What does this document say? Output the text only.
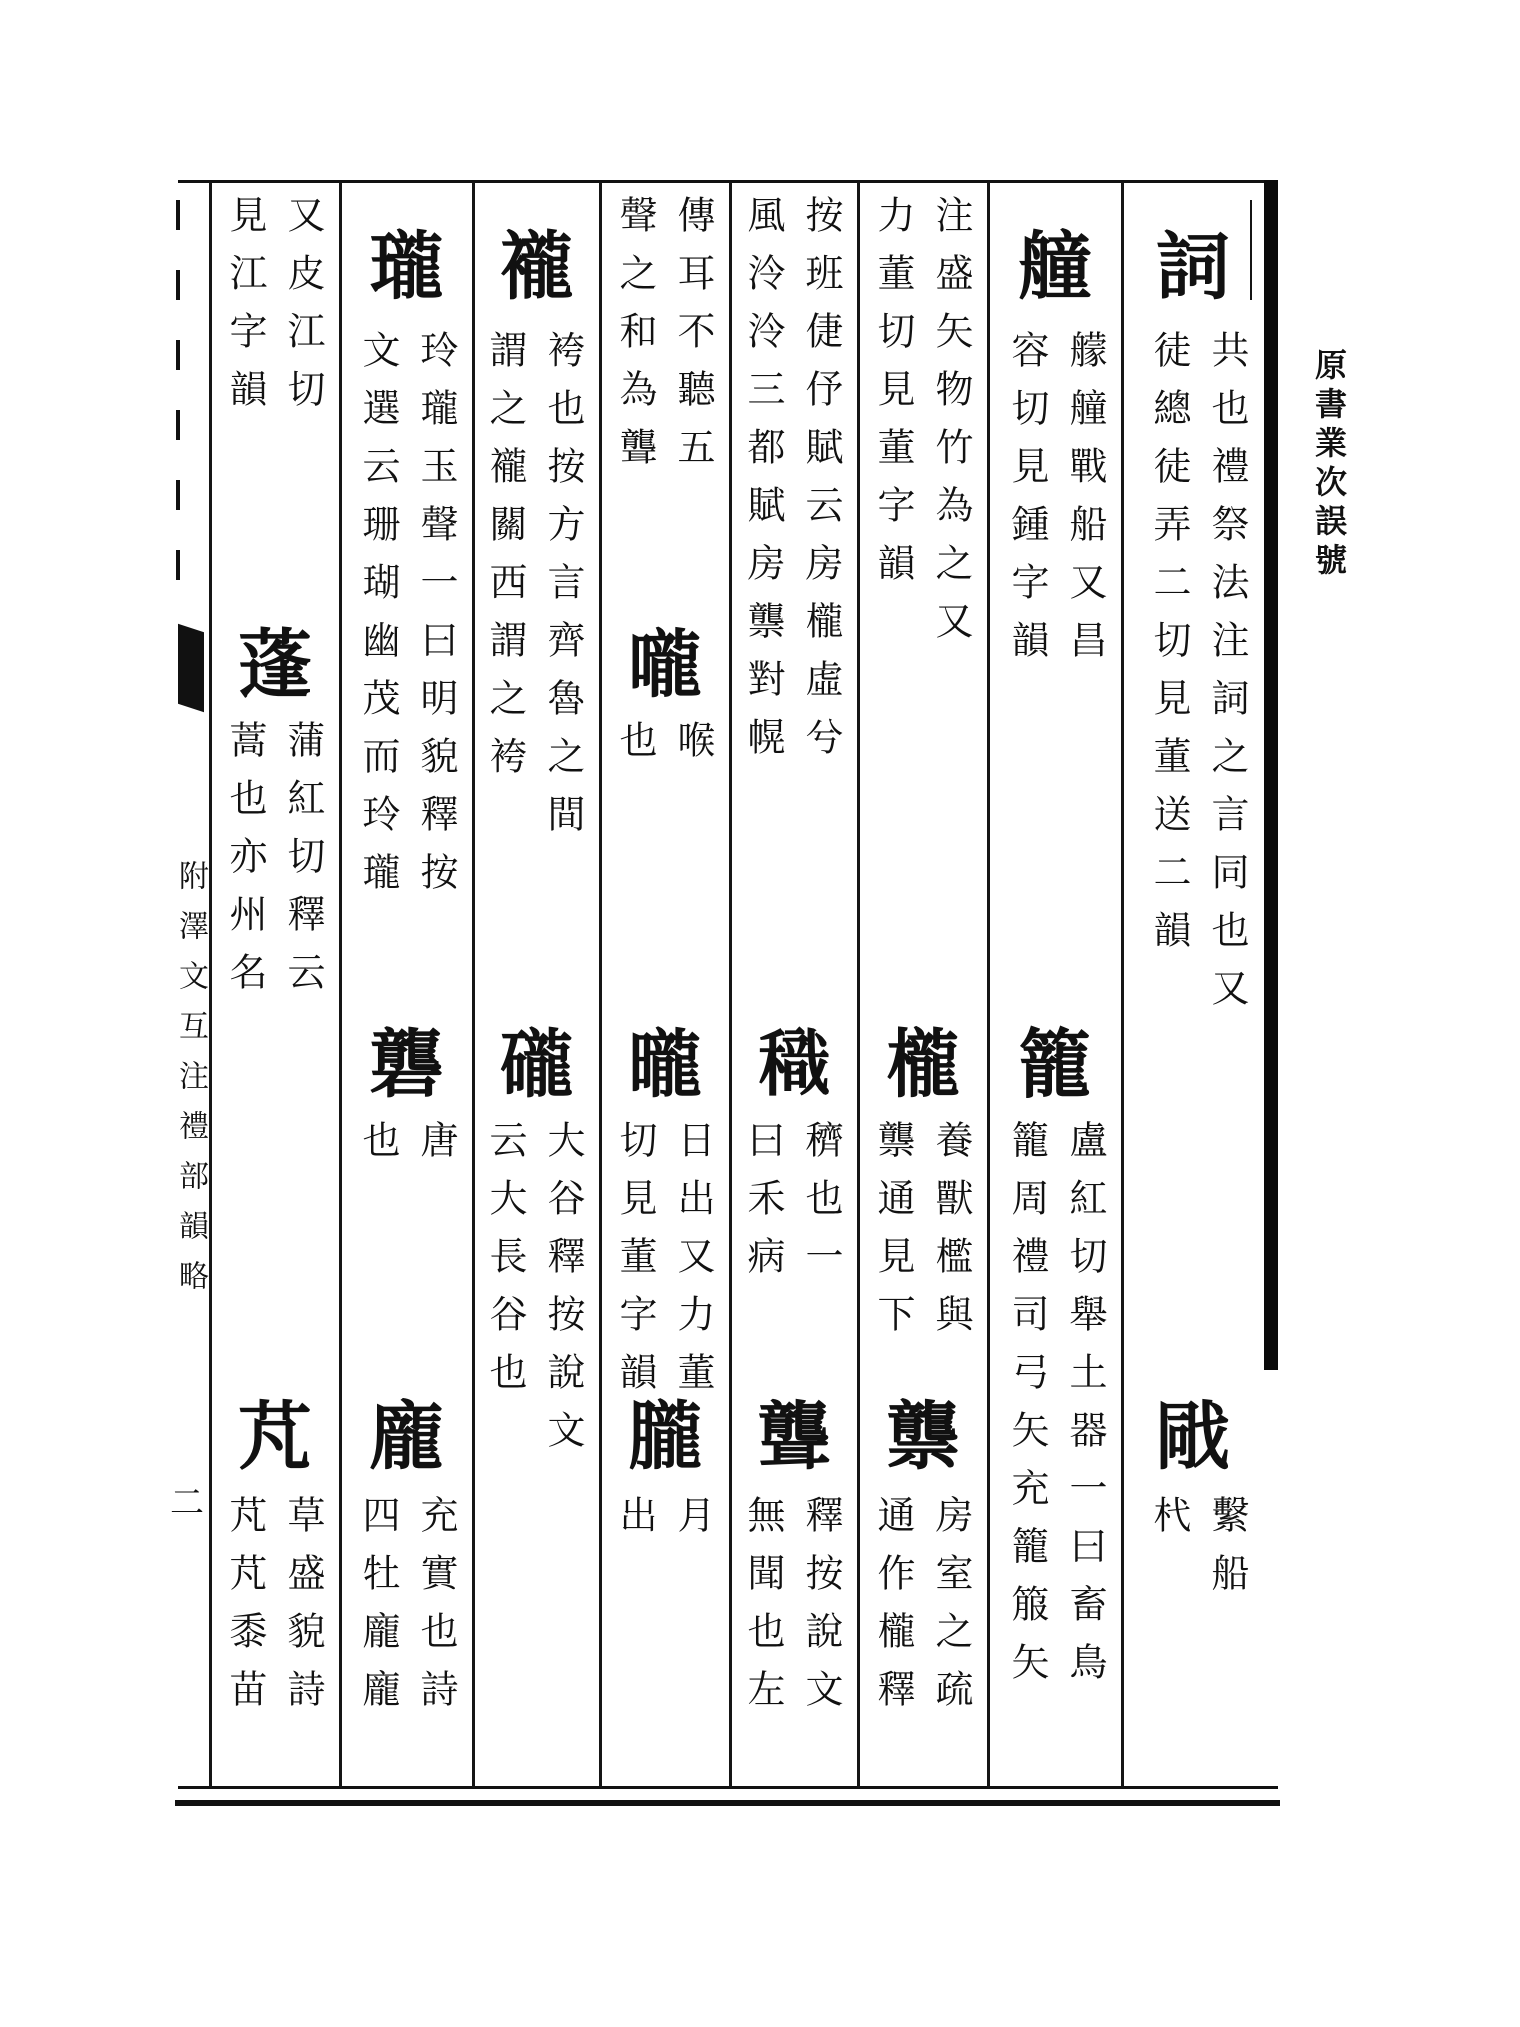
原書業次誤號
附澤文互注禮部韻略
二
詞
共也禮祭法注詞之言同也又徒總徒弄二切見董送二韻
戙
繫船杙
艟
艨艟戰船又昌容切見鍾字韻
籠
盧紅切舉土器一曰畜鳥籠周禮司弓矢充籠箙矢
注盛矢物竹為之又力董切見董字韻
櫳
養獸檻與龒通見下
龒
房室之疏通作櫳釋
按班倢伃賦云房櫳虛兮風泠泠三都賦房龒對幌
𥢧
穧也一曰禾病
聾
釋按說文無聞也左
傳耳不聽五聲之和為聾
嚨
喉也
曨
日出又力董切見董字韻
朧
月出
襱
袴也按方言齊魯之間謂之襱關西謂之袴
礲
大谷釋按說文云大長谷也
瓏
玲瓏玉聲一曰明貌釋按文選云珊瑚幽茂而玲瓏
礱
唐也
龐
充實也詩四牡龐龐
又皮江切見江字韻
蓬
蒲紅切釋云蒿也亦州名
芃
草盛貌詩芃芃黍苗
